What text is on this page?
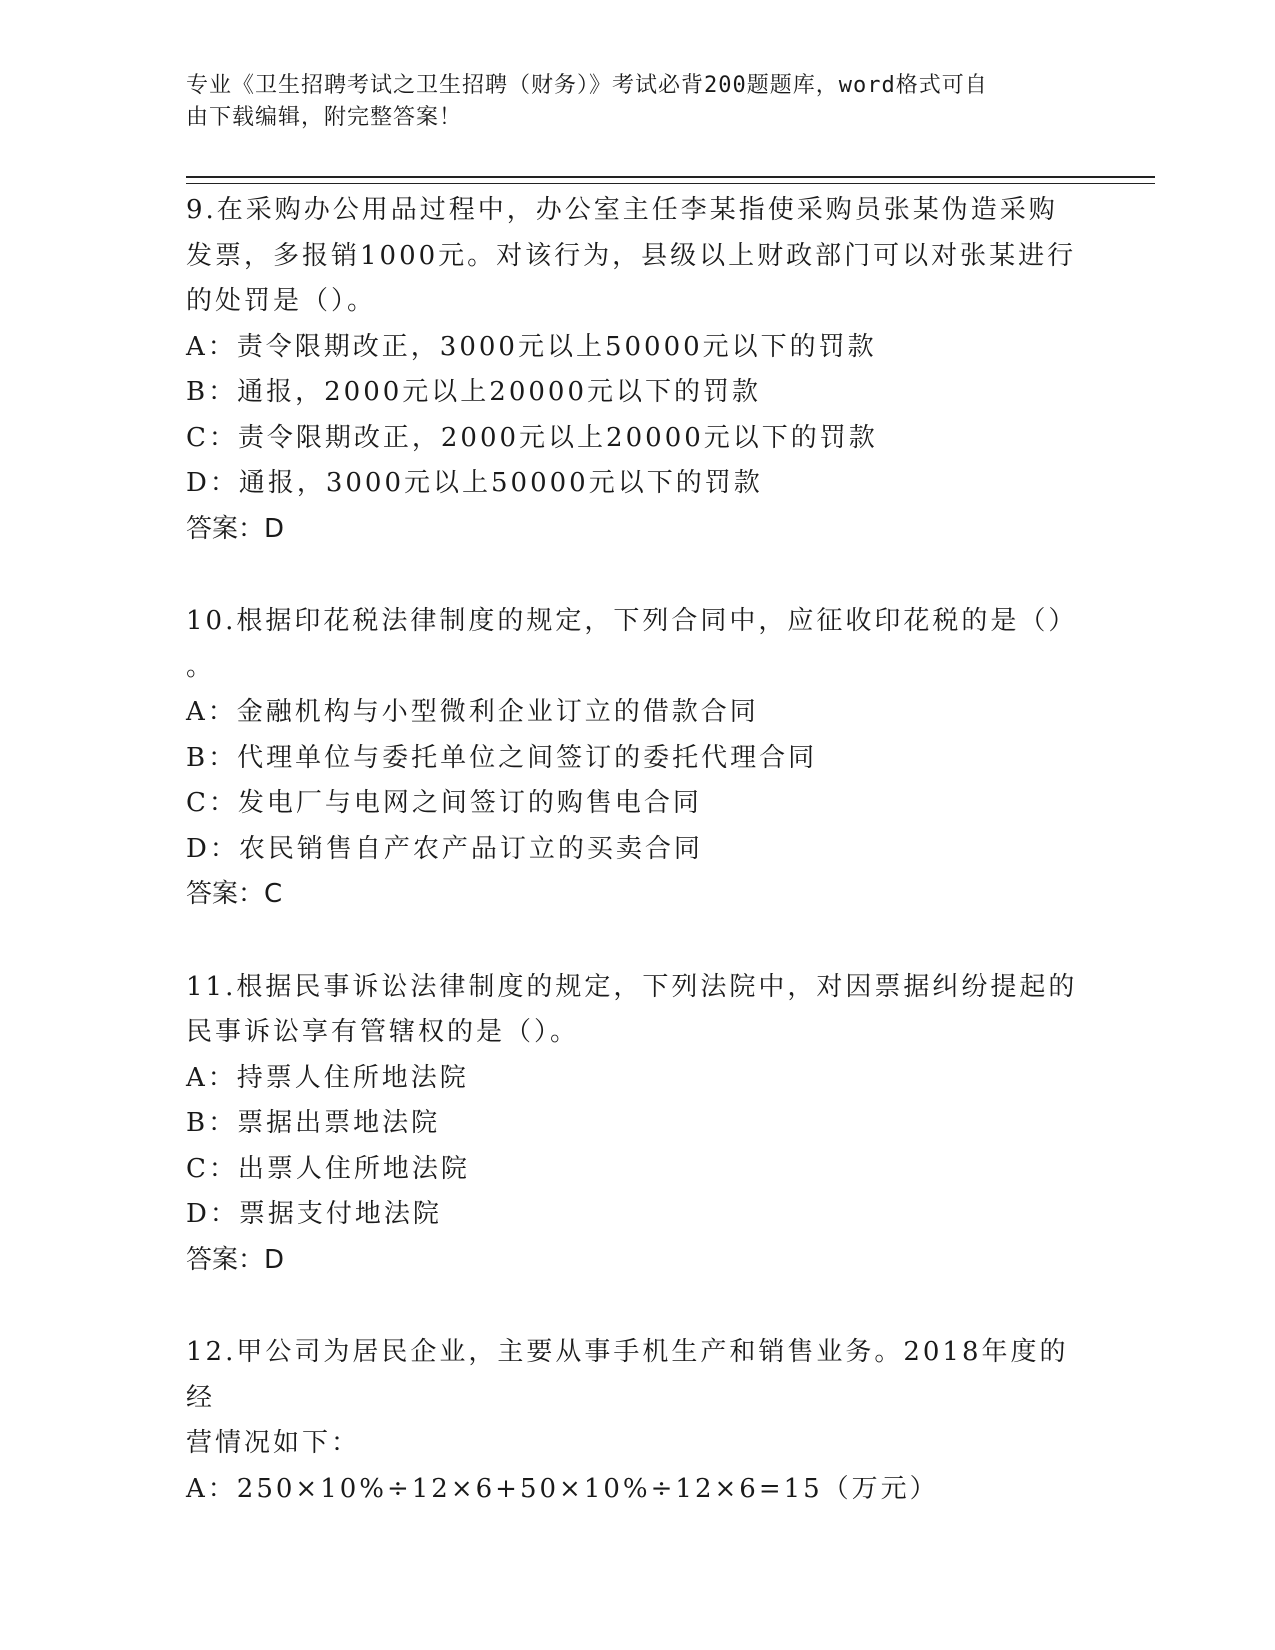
专业《卫生招聘考试之卫生招聘（财务）》考试必背200题题库，word格式可自
由下载编辑，附完整答案！

9.在采购办公用品过程中，办公室主任李某指使采购员张某伪造采购

发票，多报销1000元。对该行为，县级以上财政部门可以对张某进行

的处罚是（）。

A：责令限期改正，3000元以上50000元以下的罚款

B：通报，2000元以上20000元以下的罚款

C：责令限期改正，2000元以上20000元以下的罚款

D：通报，3000元以上50000元以下的罚款

答案：D

10.根据印花税法律制度的规定，下列合同中，应征收印花税的是（）

。

A：金融机构与小型微利企业订立的借款合同

B：代理单位与委托单位之间签订的委托代理合同

C：发电厂与电网之间签订的购售电合同

D：农民销售自产农产品订立的买卖合同

答案：C

11.根据民事诉讼法律制度的规定，下列法院中，对因票据纠纷提起的

民事诉讼享有管辖权的是（）。

A：持票人住所地法院

B：票据出票地法院

C：出票人住所地法院

D：票据支付地法院

答案：D

12.甲公司为居民企业，主要从事手机生产和销售业务。2018年度的经

营情况如下：

A：250×10%÷12×6+50×10%÷12×6=15（万元）
